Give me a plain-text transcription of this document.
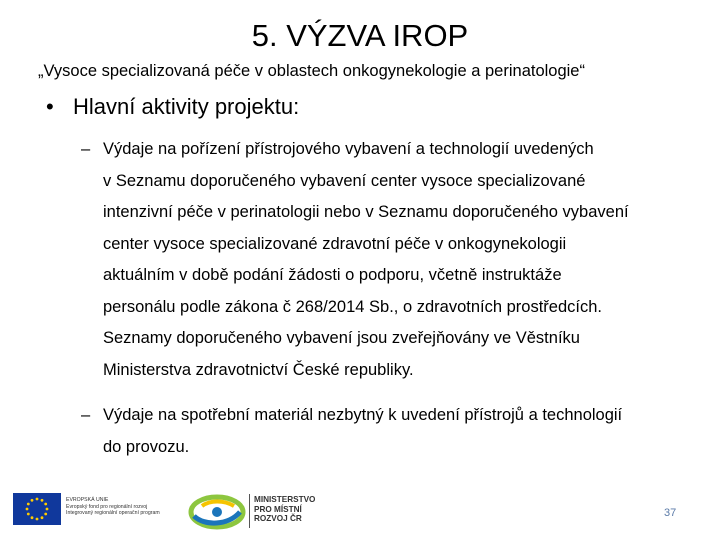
5. VÝZVA IROP
„Vysoce specializovaná péče v oblastech onkogynekologie a perinatologie“
• Hlavní aktivity projektu:
– Výdaje na pořízení přístrojového vybavení a technologií uvedených
v Seznamu doporučeného vybavení center vysoce specializované
intenzivní péče v perinatologii nebo v Seznamu doporučeného vybavení
center vysoce specializované zdravotní péče v onkogynekologii
aktuálním v době podání žádosti o podporu, včetně instruktáže
personálu podle zákona č 268/2014 Sb., o zdravotních prostředcích.
Seznamy doporučeného vybavení jsou zveřejňovány ve Věstníku
Ministerstva zdravotnictví České republiky.
– Výdaje na spotřební materiál nezbytný k uvedení přístrojů a technologií
do provozu.
EVROPSKÁ UNIE
Evropský fond pro regionální rozvoj
Integrovaný regionální operační program
MINISTERSTVO
PRO MÍSTNÍ
ROZVOJ ČR	37
